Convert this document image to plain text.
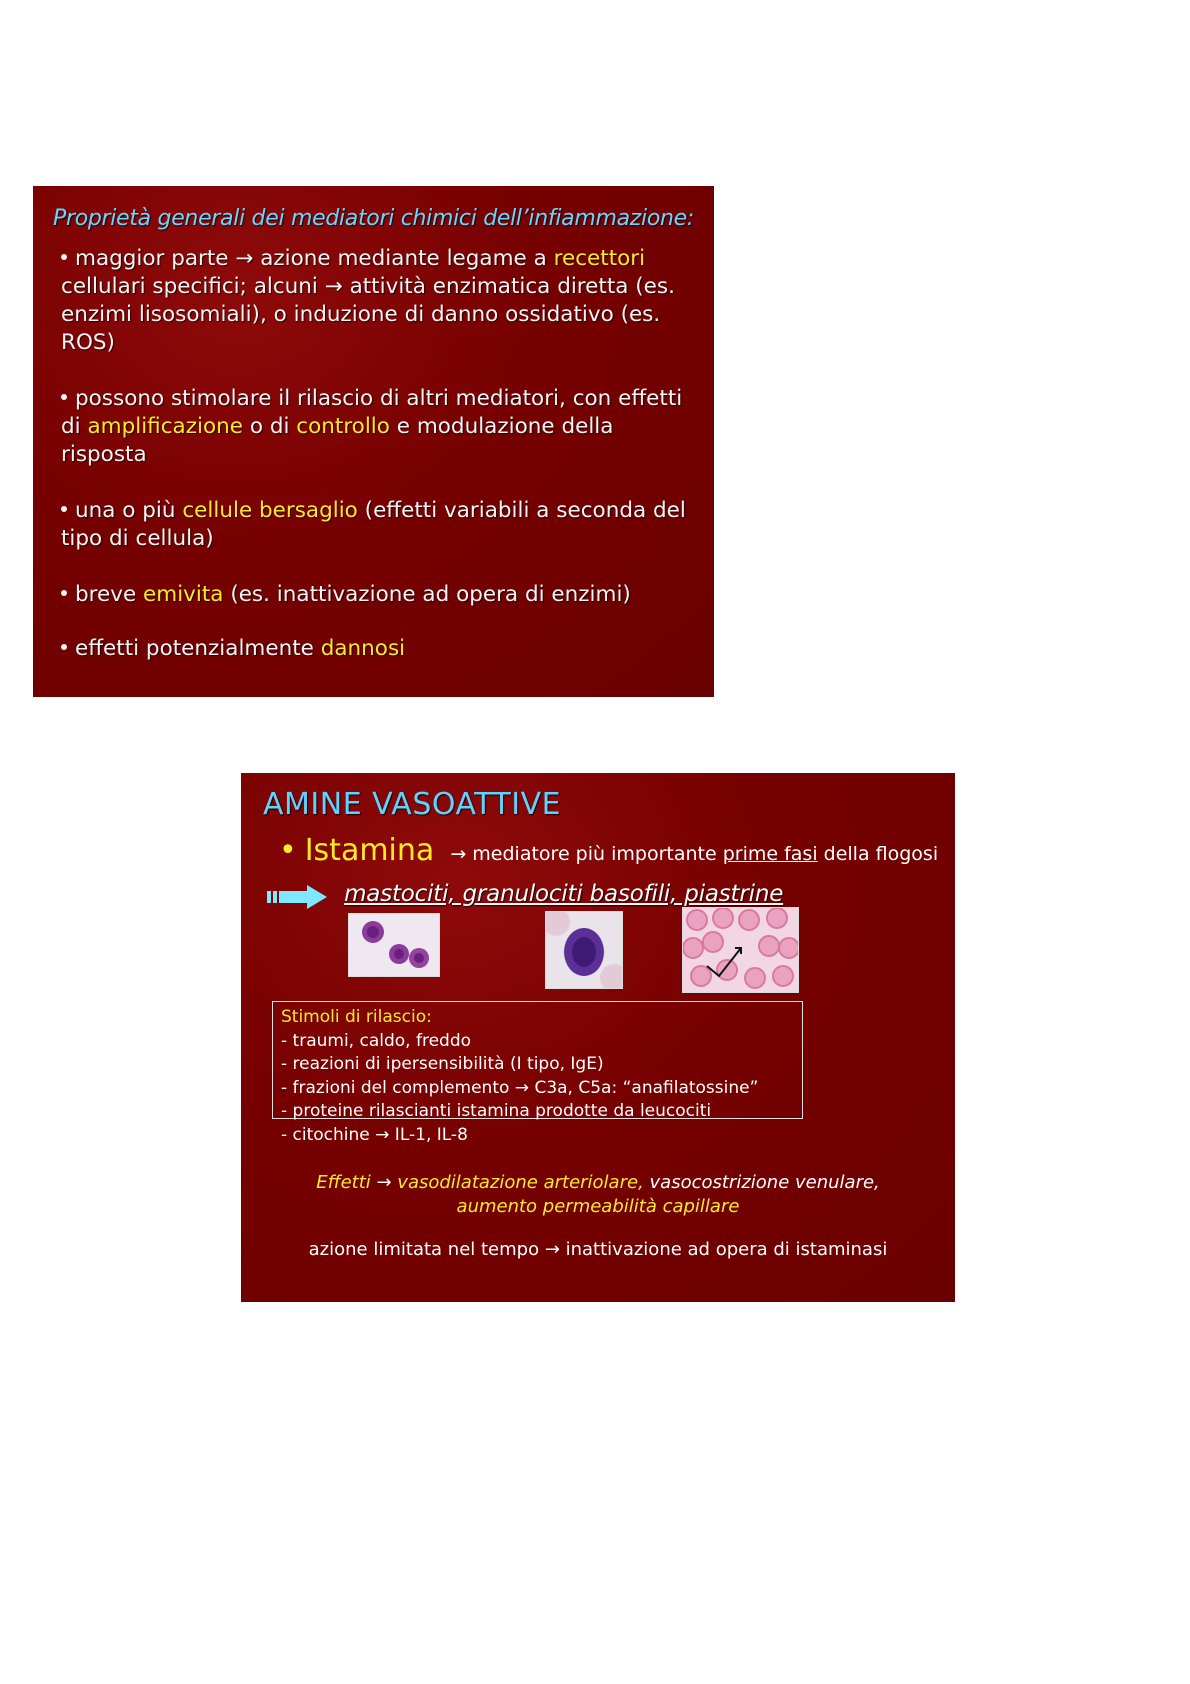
Proprietà generali dei mediatori chimici dell’infiammazione:
maggior parte → azione mediante legame a recettori cellulari specifici; alcuni → attività enzimatica diretta (es. enzimi lisosomiali), o induzione di danno ossidativo (es. ROS)
possono stimolare il rilascio di altri mediatori, con effetti di amplificazione o di controllo e modulazione della risposta
una o più cellule bersaglio (effetti variabili a seconda del tipo di cellula)
breve emivita (es. inattivazione ad opera di enzimi)
effetti potenzialmente dannosi
AMINE VASOATTIVE
• Istamina → mediatore più importante prime fasi della flogosi
mastociti, granulociti basofili, piastrine
Stimoli di rilascio:
- traumi, caldo, freddo
- reazioni di ipersensibilità (I tipo, IgE)
- frazioni del complemento → C3a, C5a: “anafilatossine”
- proteine rilascianti istamina prodotte da leucociti
- citochine → IL-1, IL-8
Effetti → vasodilatazione arteriolare, vasocostrizione venulare,
aumento permeabilità capillare
azione limitata nel tempo → inattivazione ad opera di istaminasi
